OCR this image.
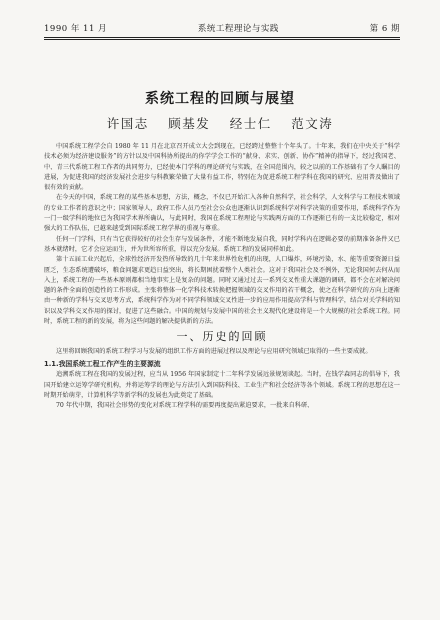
1990 年 11 月	系统工程理论与实践	第 6 期
系统工程的回顾与展望
许国志 顾基发 经士仁 范文涛

中国系统工程学会自 1980 年 11 月在北京召开成立大会到现在，已经跨过整整十个年头了。十年来，我们在中央关于“科学技术必须为经济建设服务”的方针以及中国科协所提出的你学学会工作的“献身、求实、创新、协作”精神的指导下，经过我国老、中、青三代系统工程工作者的共同努力，已经使本门学科的理论研究与实践，在全国范围内，较之以前的工作基础有了令人瞩目的进展，为促进我国的经济发展社会进步与科教繁荣做了大量有益工作，特别在为促进系统工程学科在我国的研究、应用普及做出了很有效的贡献。

在今天的中国，系统工程的某些基本思想，方法，概念，不仅已开始汇入各种自然科学，社会科学，人文科学与工程技术领域的专业工作者的意识之中；国家领导人，政府工作人员乃至社会公众也逐渐认识到系统科学对科学决策的重要作用，系统科学作为一门一级学科的地位已为我国学术界所确认，与此同时，我国在系统工程理论与实践两方面的工作逐渐已有的一支比较稳定，相对强大的工作队伍，已越来越受到国际系统工程学界的重视与尊重。

任何一门学科，只有当它获得较好的社会生存与发展条件，才能不断地发展自我，同时学科内在逻辑必要的前期准备条件又已基本就绪时，它才会应运而生，并为世所容所重，得以充分发展。系统工程的发展同样如此。

第十五届工业兴起后，全球性经济开发热所导致的几十年来世界性危机的出现，人口爆炸，环境污染，水、能等重要资源日益匮乏，生态系统遭破坏，粮食问题求更趋日益突出，将长期困扰着整个人类社会。这对于我国社会及不例外，无论我国何去何从而入上，系统工程的一些基本原则都相当地事实上是复杂的问题。同时又通过过去一系列交叉性重大课题的调研，都不会在对解决问题的条件全面的创造性的工作形成。主张将整体一化学科技术转换把握领域的交叉作用的若干概念，使之在科学研究的方向上逐渐由一种新的学科与交叉思考方式，系统科学作为对不同学科领域交叉性进一步的应用作用提高学科与管理科学，结合对关学科的知识以及学科交叉作用的探讨，促进了这些融合。中国的规划与发展中国的社会主义现代化建设将是一个大规模的社会系统工程。同时，系统工程的新的发展，将为这些问题的解决提供新的方法。

一、历史的回顾

这里将回顾我国的系统工程学习与发展的组织工作方面的进展过程以及理论与应用研究领域已取得的一些主要成就。

1.1.我国系统工程工作产生的主要源流

追溯系统工程在我国的发展过程，应当从 1956 年国家制定十二年科学发展远景规划谈起。当时，在钱学森同志的倡导下，我国开始建立运筹学研究机构，并将运筹学的理论与方法引入到国防科技、工业生产和社会经济等各个领域。系统工程的思想在这一时期开始萌芽，计算机科学等新学科的发展也为此奠定了基础。

70 年代中期，我国社会形势的变化对系统工程学科的需要再度提出紧迫要求，一批来自科研、
